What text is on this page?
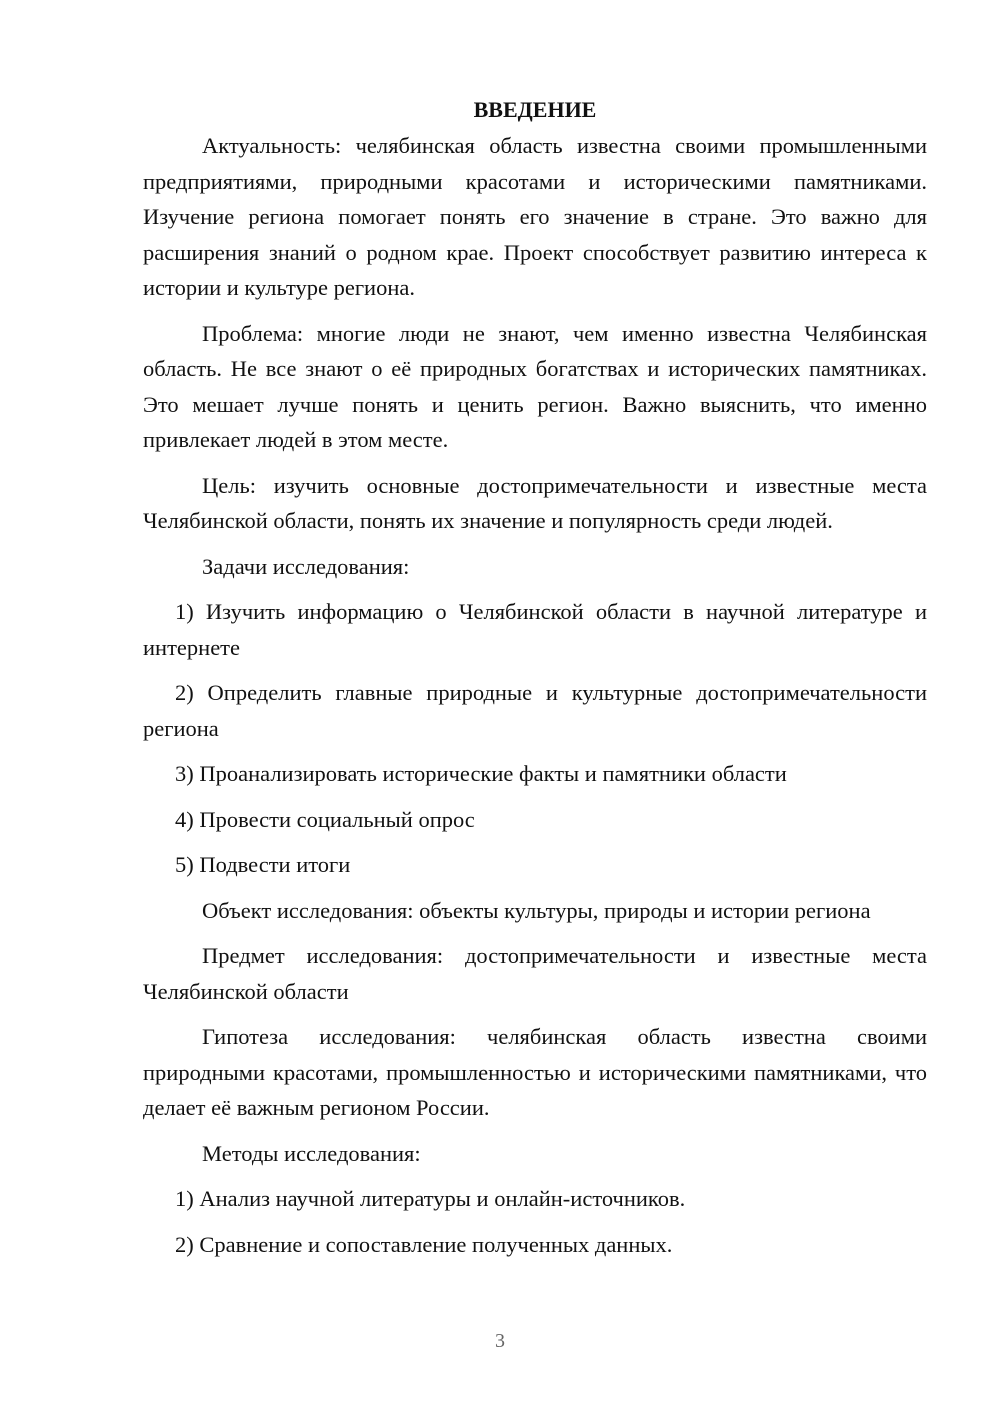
ВВЕДЕНИЕ

Актуальность: челябинская область известна своими промышленными предприятиями, природными красотами и историческими памятниками. Изучение региона помогает понять его значение в стране. Это важно для расширения знаний о родном крае. Проект способствует развитию интереса к истории и культуре региона.

Проблема: многие люди не знают, чем именно известна Челябинская область. Не все знают о её природных богатствах и исторических памятниках. Это мешает лучше понять и ценить регион. Важно выяснить, что именно привлекает людей в этом месте.

Цель: изучить основные достопримечательности и известные места Челябинской области, понять их значение и популярность среди людей.

Задачи исследования:

1) Изучить информацию о Челябинской области в научной литературе и интернете

2) Определить главные природные и культурные достопримечательности региона

3) Проанализировать исторические факты и памятники области

4) Провести социальный опрос

5) Подвести итоги

Объект исследования: объекты культуры, природы и истории региона

Предмет исследования: достопримечательности и известные места Челябинской области

Гипотеза исследования: челябинская область известна своими природными красотами, промышленностью и историческими памятниками, что делает её важным регионом России.

Методы исследования:

1) Анализ научной литературы и онлайн-источников.

2) Сравнение и сопоставление полученных данных.

3
